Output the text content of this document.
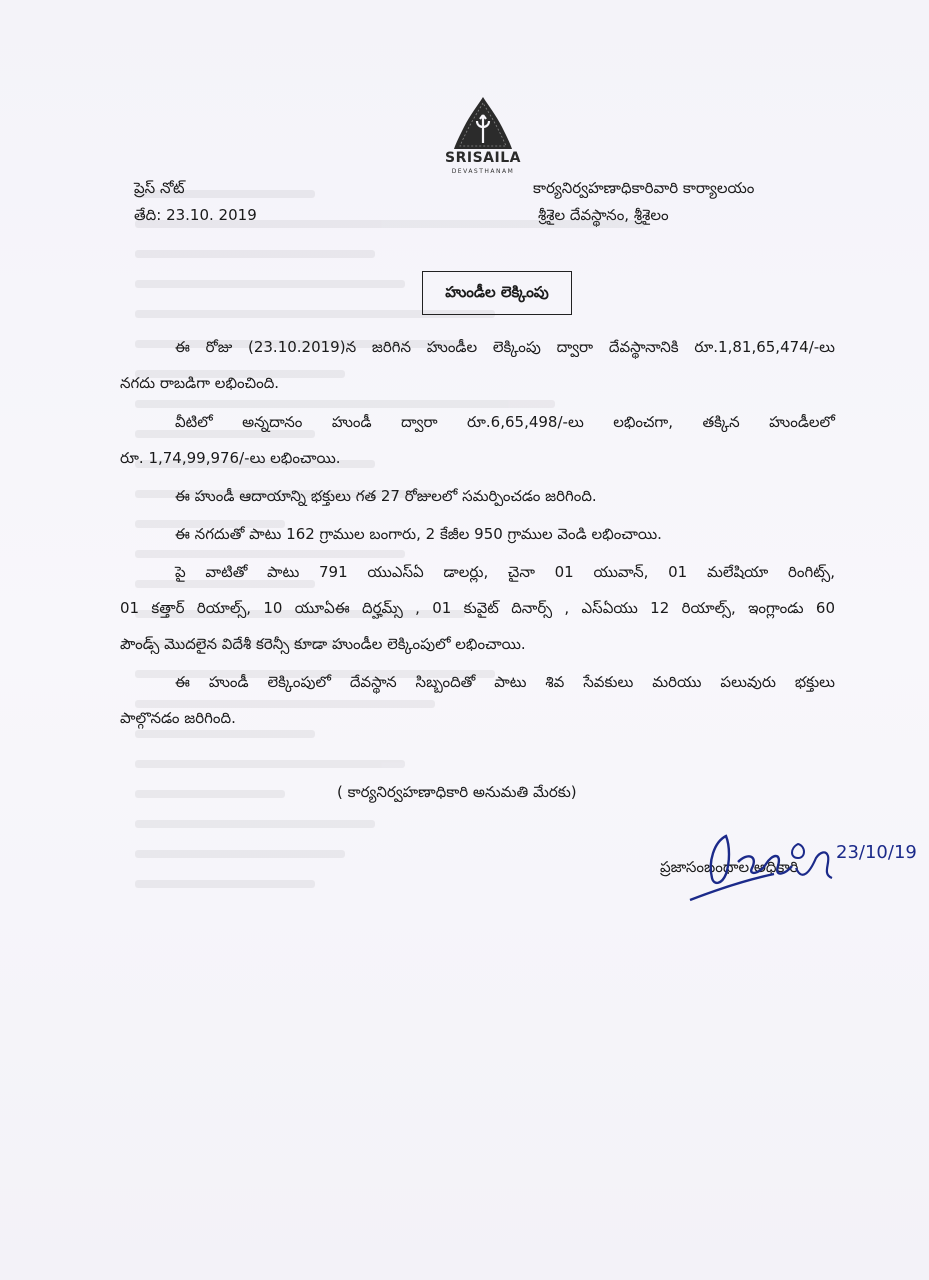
SRISAILA
DEVASTHANAM
ప్రెస్ నోట్
తేది: 23.10. 2019
కార్యనిర్వహణాధికారివారి కార్యాలయం
శ్రీశైల దేవస్థానం, శ్రీశైలం
హుండీల లెక్కింపు
ఈ రోజు (23.10.2019)న జరిగిన హుండీల లెక్కింపు ద్వారా దేవస్థానానికి రూ.1,81,65,474/-లు
నగదు రాబడిగా లభించింది.
వీటిలో అన్నదానం హుండీ ద్వారా రూ.6,65,498/-లు లభించగా, తక్కిన హుండీలలో
రూ. 1,74,99,976/-లు లభించాయి.
ఈ హుండీ ఆదాయాన్ని భక్తులు గత 27 రోజులలో సమర్పించడం జరిగింది.
ఈ నగదుతో పాటు 162 గ్రాముల బంగారు, 2 కేజీల 950 గ్రాముల వెండి లభించాయి.
పై వాటితో పాటు 791 యుఎస్ఏ డాలర్లు, చైనా 01 యువాన్, 01 మలేషియా రింగిట్స్,
01 కత్తార్ రియాల్స్, 10 యూఏఈ దిర్హమ్స్ , 01 కువైట్ దినార్స్ , ఎస్ఏయు 12 రియాల్స్, ఇంగ్లాండు 60
పౌండ్స్ మొదలైన విదేశీ కరెన్సీ కూడా హుండీల లెక్కింపులో లభించాయి.
ఈ హుండీ లెక్కింపులో దేవస్థాన సిబ్బందితో పాటు శివ సేవకులు మరియు పలువురు భక్తులు
పాల్గొనడం జరిగింది.
( కార్యనిర్వహణాధికారి అనుమతి మేరకు)
ప్రజాసంబంధాల అధికారి
23/10/19
